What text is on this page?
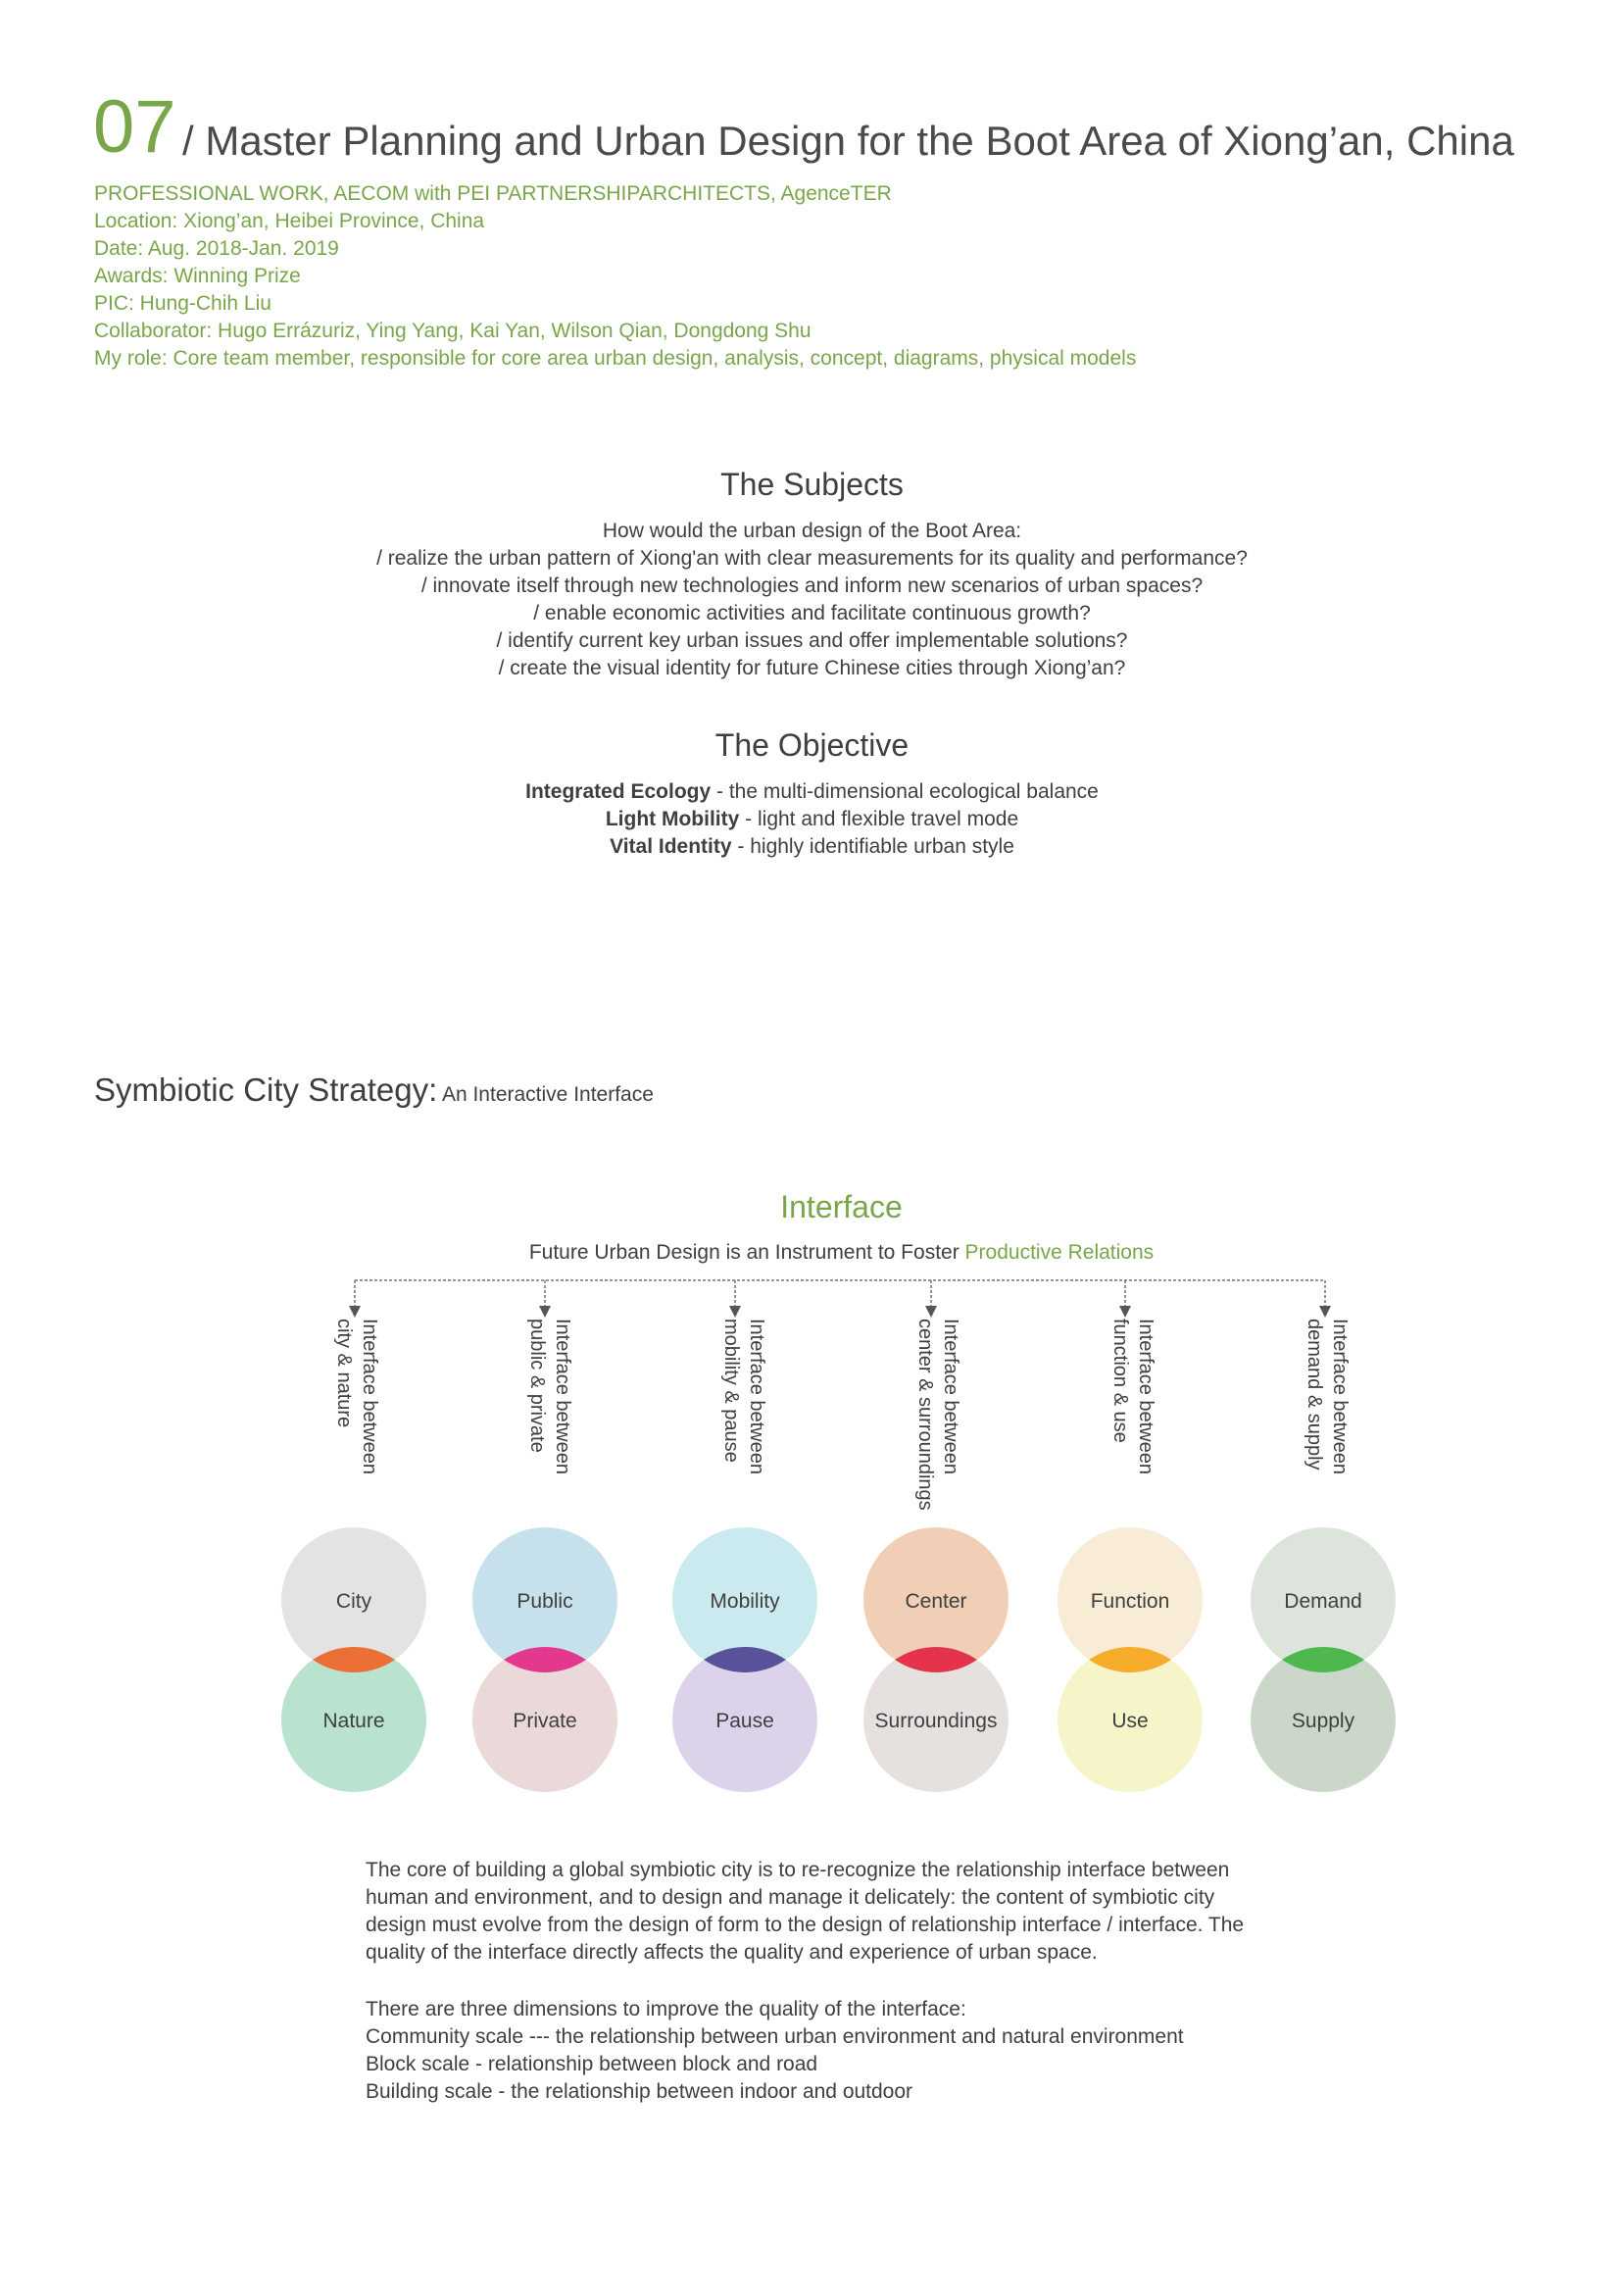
07 / Master Planning and Urban Design for the Boot Area of Xiong’an, China
PROFESSIONAL WORK, AECOM with PEI PARTNERSHIPARCHITECTS, AgenceTER
Location: Xiong’an, Heibei Province, China
Date: Aug. 2018-Jan. 2019
Awards: Winning Prize
PIC: Hung-Chih Liu
Collaborator: Hugo Errázuriz, Ying Yang, Kai Yan, Wilson Qian, Dongdong Shu
My role: Core team member, responsible for core area urban design, analysis, concept, diagrams, physical models
The Subjects
How would the urban design of the Boot Area:
/ realize the urban pattern of Xiong'an with clear measurements for its quality and performance?
/ innovate itself through new technologies and inform new scenarios of urban spaces?
/ enable economic activities and facilitate continuous growth?
/ identify current key urban issues and offer implementable solutions?
/ create the visual identity for future Chinese cities through Xiong’an?
The Objective
Integrated Ecology - the multi-dimensional ecological balance
Light Mobility - light and flexible travel mode
Vital Identity - highly identifiable urban style
Symbiotic City Strategy: An Interactive Interface
Interface
Future Urban Design is an Instrument to Foster Productive Relations
Interface between
city & nature	Interface between
public & private	Interface between
mobility & pause	Interface between
center & surroundings	Interface between
function & use	Interface between
demand & supply
City
Nature
Public
Private
Mobility
Pause
Center
Surroundings
Function
Use
Demand
Supply
The core of building a global symbiotic city is to re-recognize the relationship interface between
human and environment, and to design and manage it delicately: the content of symbiotic city
design must evolve from the design of form to the design of relationship interface / interface. The
quality of the interface directly affects the quality and experience of urban space.
There are three dimensions to improve the quality of the interface:
Community scale --- the relationship between urban environment and natural environment
Block scale - relationship between block and road
Building scale - the relationship between indoor and outdoor
